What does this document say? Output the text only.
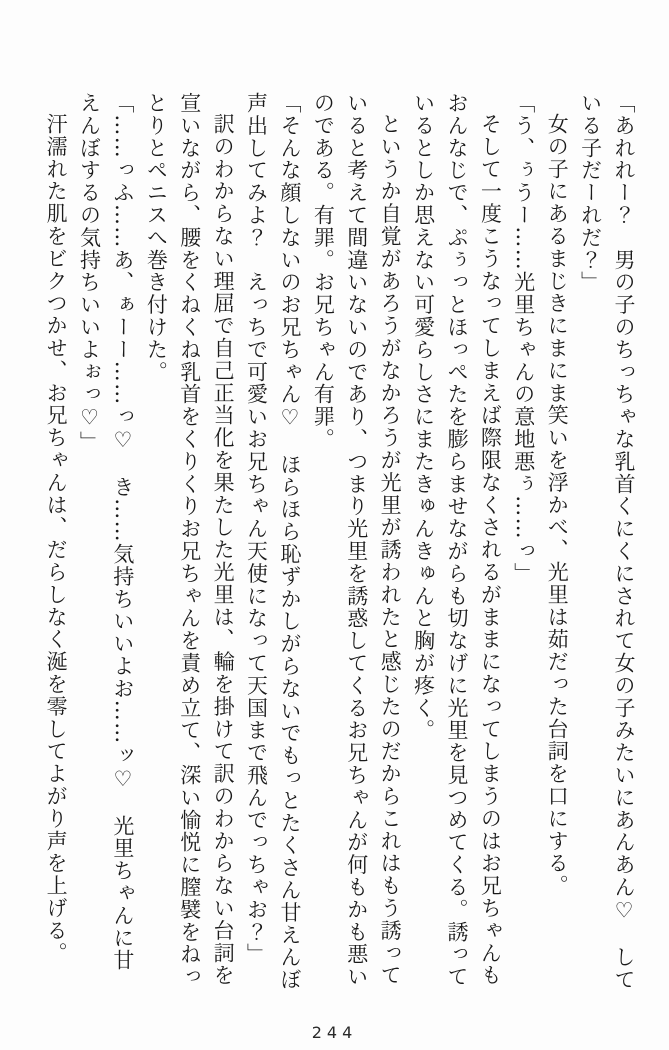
「あれれー？　男の子のちっちゃな乳首くにくにされて女の子みたいにあんあん♡　している子だーれだ？」

女の子にあるまじきにまにま笑いを浮かべ、光里は茹だった台詞を口にする。

「う、ぅうー……光里ちゃんの意地悪ぅ……っ」

そして一度こうなってしまえば際限なくされるがままになってしまうのはお兄ちゃんもおんなじで、ぷぅっとほっぺたを膨らませながらも切なげに光里を見つめてくる。誘っているとしか思えない可愛らしさにまたきゅんきゅんと胸が疼く。

というか自覚があろうがなかろうが光里が誘われたと感じたのだからこれはもう誘っていると考えて間違いないのであり、つまり光里を誘惑してくるお兄ちゃんが何もかも悪いのである。有罪。お兄ちゃん有罪。

「そんな顔しないのお兄ちゃん♡　ほらほら恥ずかしがらないでもっとたくさん甘えんぼ声出してみよ？　えっちで可愛いお兄ちゃん天使になって天国まで飛んでっちゃお？」

訳のわからない理屈で自己正当化を果たした光里は、輪を掛けて訳のわからない台詞を宣いながら、腰をくねくね乳首をくりくりお兄ちゃんを責め立て、深い愉悦に膣襞をねっとりとペニスへ巻き付けた。

「……っふ……あ、ぁーー……っ♡　き……気持ちいいよお……ッ♡　光里ちゃんに甘えんぼするの気持ちいいよぉっ♡」

汗濡れた肌をビクつかせ、お兄ちゃんは、だらしなく涎を零してよがり声を上げる。

244
